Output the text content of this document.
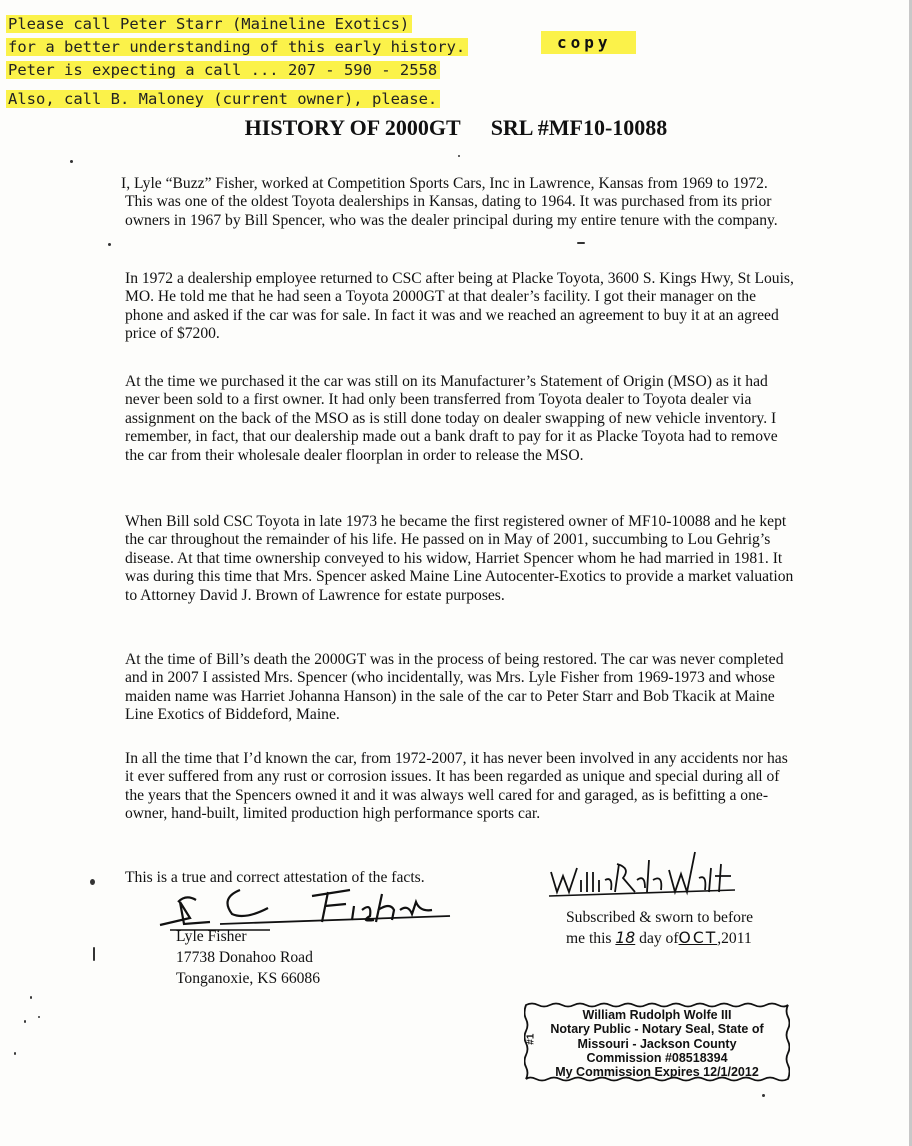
Please call Peter Starr (Maineline Exotics)
for a better understanding of this early history.
Peter is expecting a call ... 207 - 590 - 2558
Also, call B. Maloney (current owner), please.
copy
HISTORY OF 2000GT SRL #MF10-10088

I, Lyle “Buzz” Fisher, worked at Competition Sports Cars, Inc in Lawrence, Kansas from 1969 to 1972. This was one of the oldest Toyota dealerships in Kansas, dating to 1964. It was purchased from its prior owners in 1967 by Bill Spencer, who was the dealer principal during my entire tenure with the company.

In 1972 a dealership employee returned to CSC after being at Placke Toyota, 3600 S. Kings Hwy, St Louis, MO. He told me that he had seen a Toyota 2000GT at that dealer’s facility. I got their manager on the phone and asked if the car was for sale. In fact it was and we reached an agreement to buy it at an agreed price of $7200.

At the time we purchased it the car was still on its Manufacturer’s Statement of Origin (MSO) as it had never been sold to a first owner. It had only been transferred from Toyota dealer to Toyota dealer via assignment on the back of the MSO as is still done today on dealer swapping of new vehicle inventory. I remember, in fact, that our dealership made out a bank draft to pay for it as Placke Toyota had to remove the car from their wholesale dealer floorplan in order to release the MSO.

When Bill sold CSC Toyota in late 1973 he became the first registered owner of MF10-10088 and he kept the car throughout the remainder of his life. He passed on in May of 2001, succumbing to Lou Gehrig’s disease. At that time ownership conveyed to his widow, Harriet Spencer whom he had married in 1981. It was during this time that Mrs. Spencer asked Maine Line Autocenter-Exotics to provide a market valuation to Attorney David J. Brown of Lawrence for estate purposes.

At the time of Bill’s death the 2000GT was in the process of being restored. The car was never completed and in 2007 I assisted Mrs. Spencer (who incidentally, was Mrs. Lyle Fisher from 1969-1973 and whose maiden name was Harriet Johanna Hanson) in the sale of the car to Peter Starr and Bob Tkacik at Maine Line Exotics of Biddeford, Maine.

In all the time that I’d known the car, from 1972-2007, it has never been involved in any accidents nor has it ever suffered from any rust or corrosion issues. It has been regarded as unique and special during all of the years that the Spencers owned it and it was always well cared for and garaged, as is befitting a one-owner, hand-built, limited production high performance sports car.

This is a true and correct attestation of the facts.
Lyle Fisher
17738 Donahoo Road
Tonganoxie, KS 66086
Subscribed & sworn to before
me this 18 day ofOCT,2011
William Rudolph Wolfe III
Notary Public - Notary Seal, State of
Missouri - Jackson County
Commission #08518394
My Commission Expires 12/1/2012
#1
